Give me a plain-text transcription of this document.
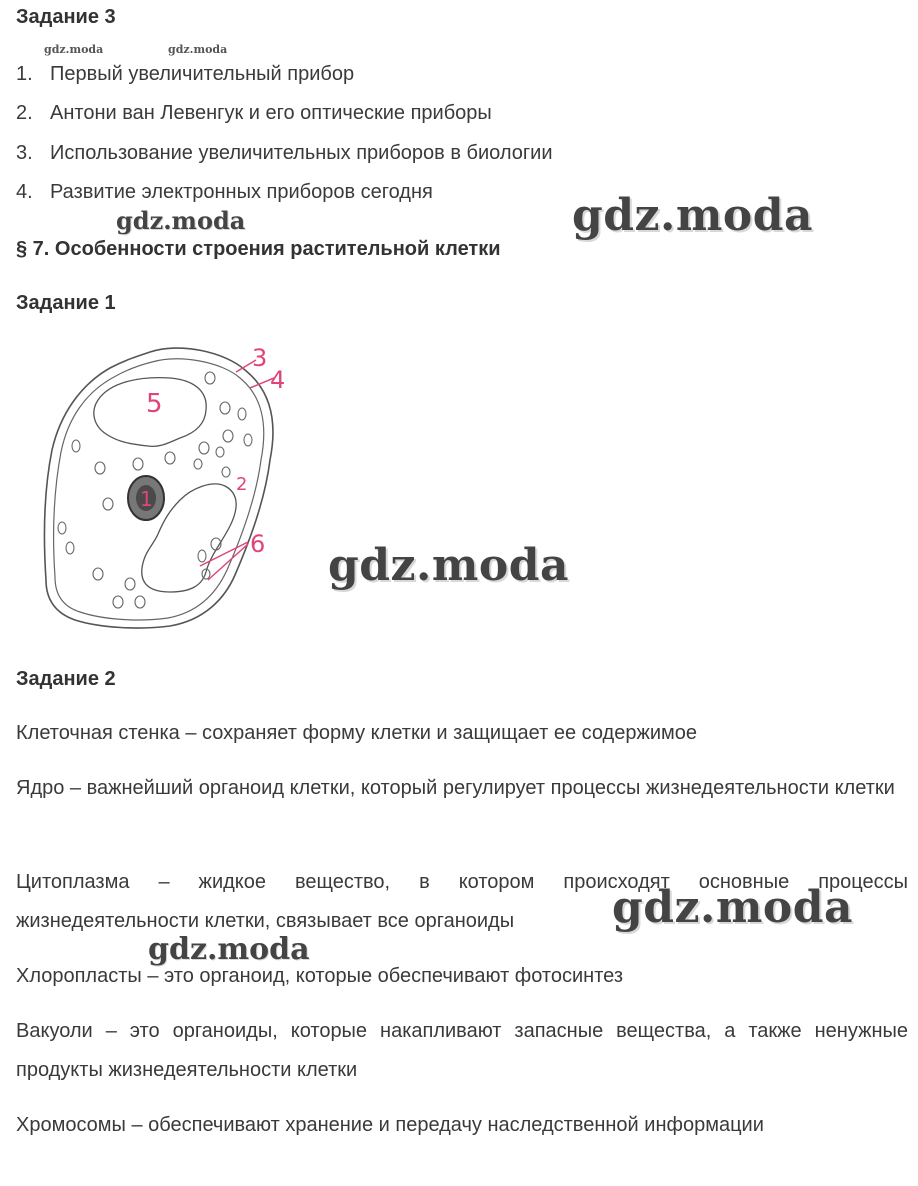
Задание 3
gdz.moda	gdz.moda
1. Первый увеличительный прибор
2. Антони ван Левенгук и его оптические приборы
3. Использование увеличительных приборов в биологии
4. Развитие электронных приборов сегодня
gdz.moda
§ 7. Особенности строения растительной клетки
gdz.moda
Задание 1
3
4
5
2
1
6 gdz.moda
Задание 2
Клеточная стенка – сохраняет форму клетки и защищает ее содержимое
Ядро – важнейший органоид клетки, который регулирует процессы жизнедеятельности клетки
Цитоплазма – жидкое вещество, в котором происходят основные процессы жизнедеятельности клетки, связывает все органоиды
Хлоропласты – это органоид, которые обеспечивают фотосинтез
Вакуоли – это органоиды, которые накапливают запасные вещества, а также ненужные продукты жизнедеятельности клетки
Хромосомы – обеспечивают хранение и передачу наследственной информации
gdz.moda
gdz.moda
